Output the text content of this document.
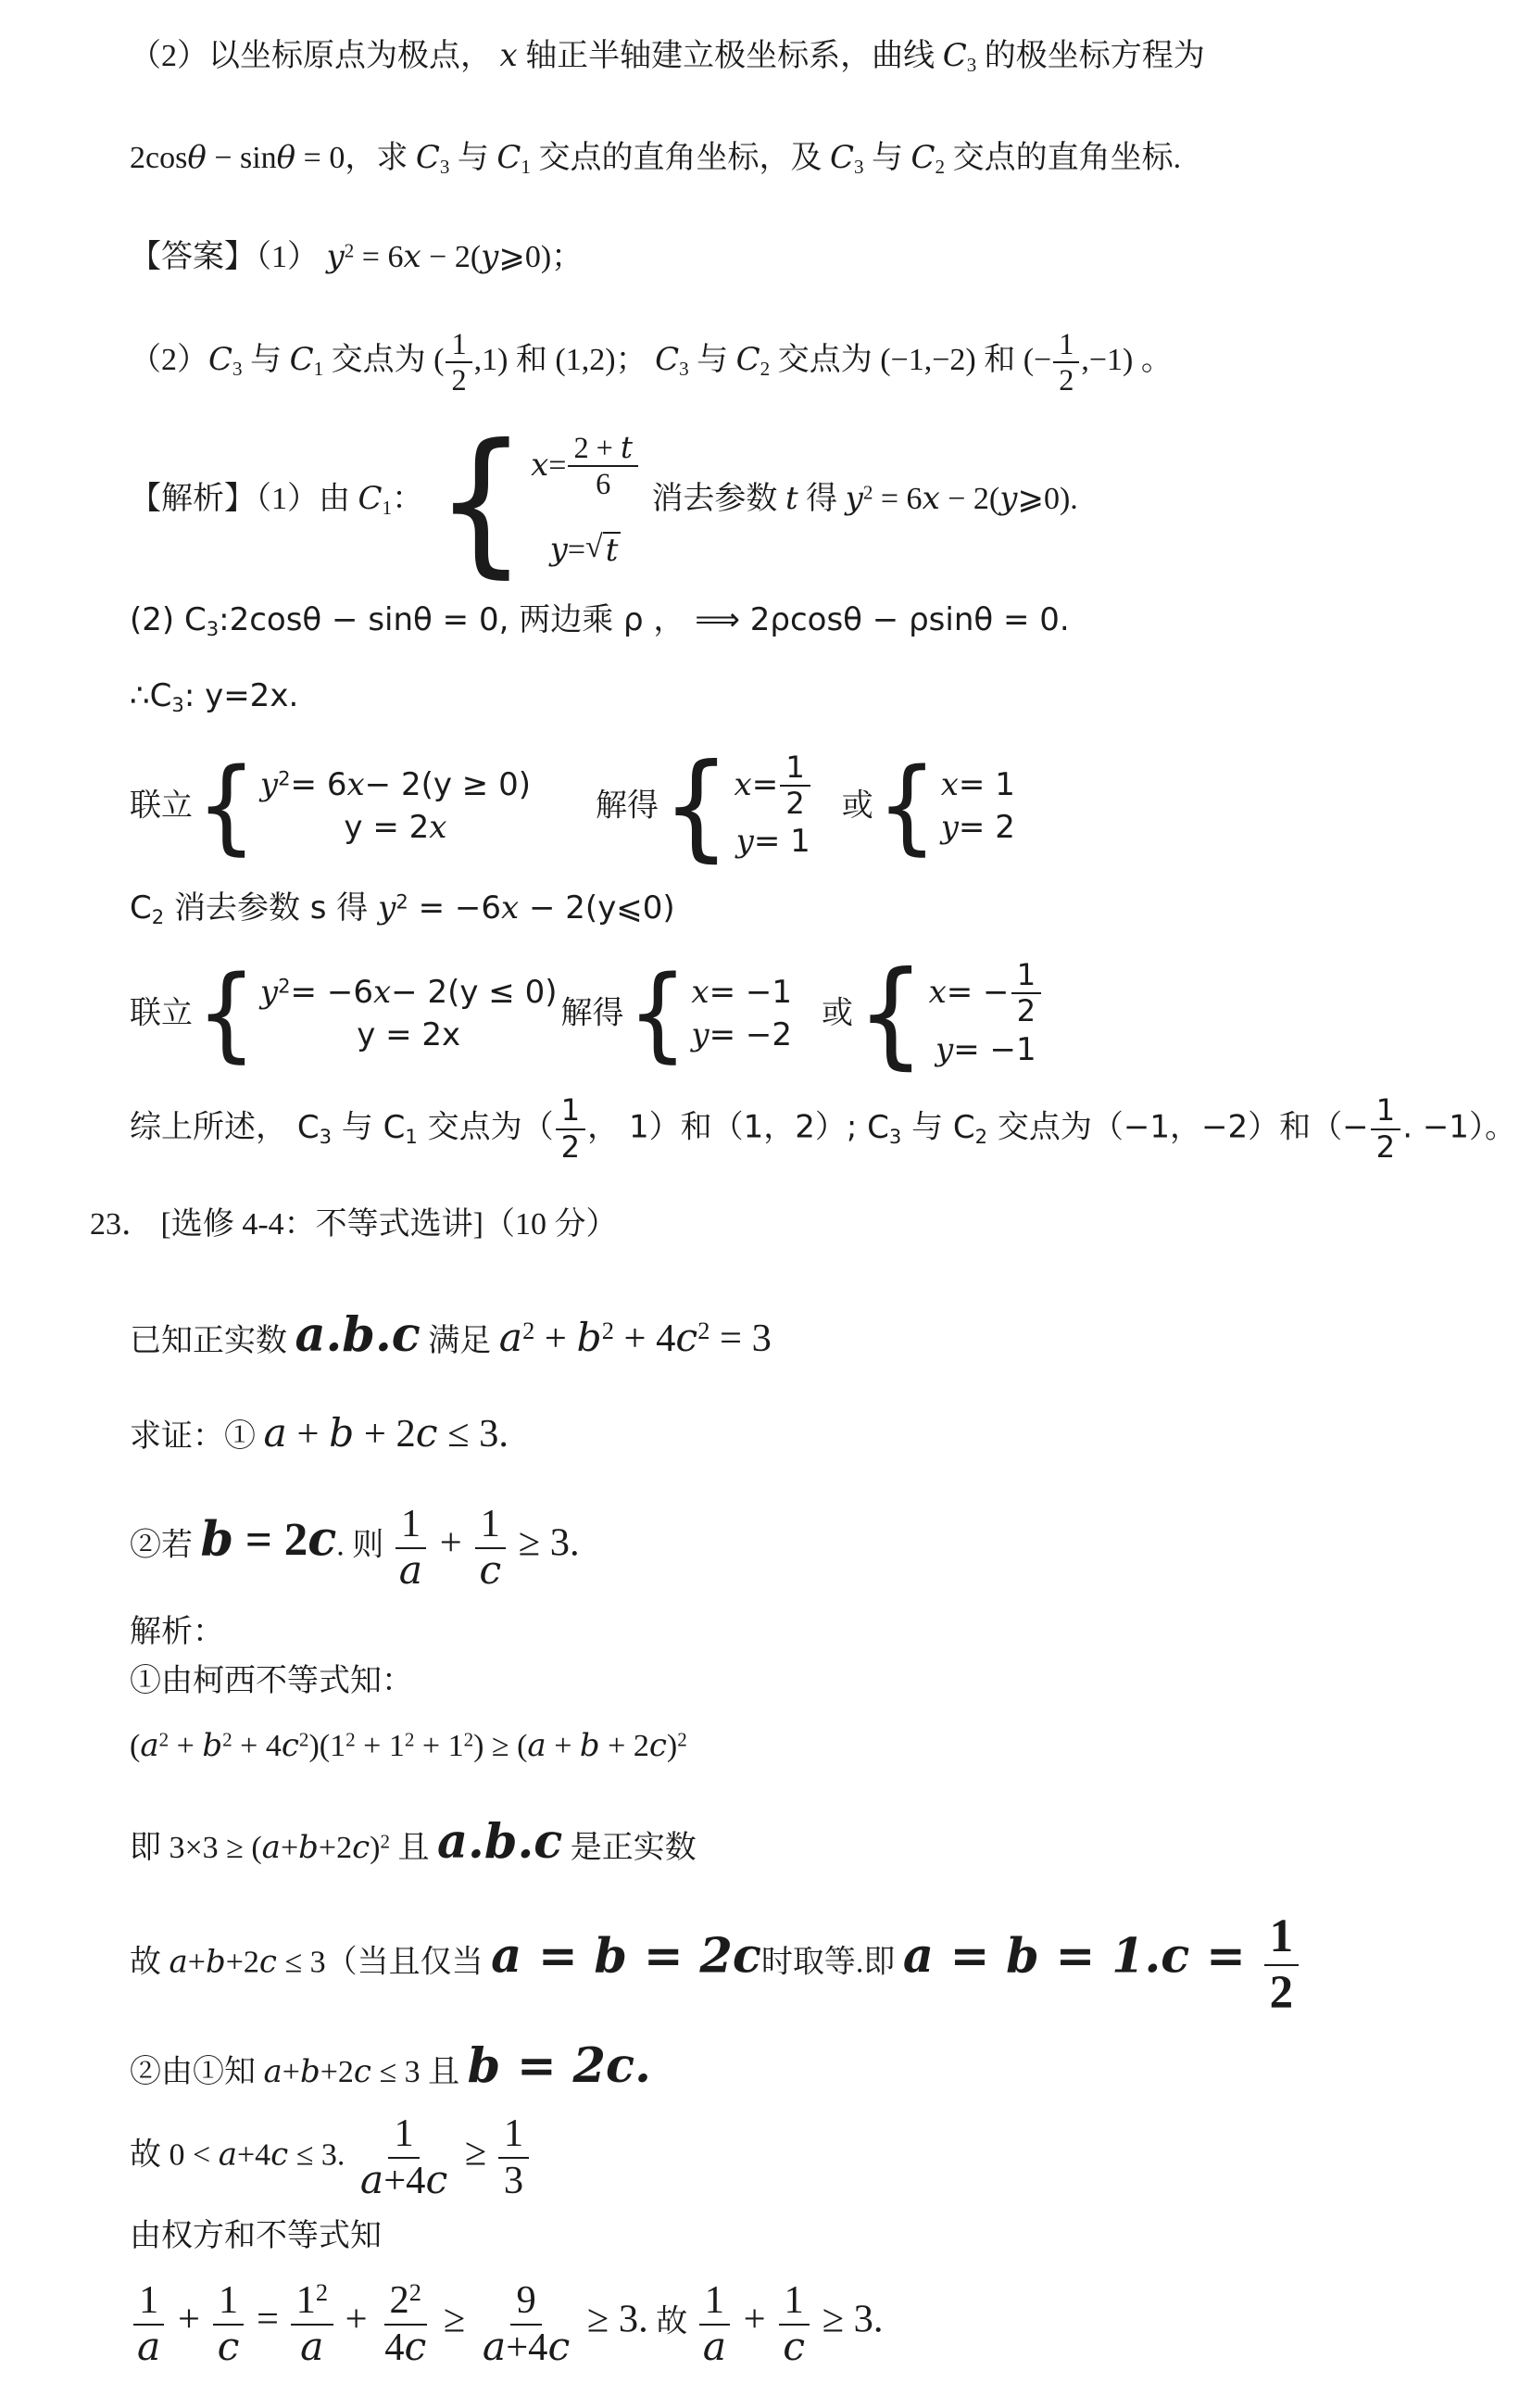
（2）以坐标原点为极点， x 轴正半轴建立极坐标系，曲线 $C_3$ 的极坐标方程为
2cosθ − sinθ = 0，求 $C_3$ 与 $C_1$ 交点的直角坐标，及 $C_3$ 与 $C_2$ 交点的直角坐标.
【答案】（1） $y^2 = 6x$ − 2(y⩾0)；
$(2)C_3$ 与 $C_1$ 交点为 ( $\frac{1}{2} ,1$) 和 (1,2)； $C_3$ 与 $C_2$ 交点为 (−1,−2) 和 (− $\frac{1}{2} ,-1$) 。
【解析】（1）由 $C_1$： { $x = \frac{2 + t}{6}$
y = √ t
消去参数 t 得 $y^2 = 6x$ − 2(y⩾0).
(2) $C_3:2\cos\theta - \sin\theta = 0$, 两边乘 ρ ， ⟹ 2ρcosθ − ρsinθ = 0.
$\therefore C_3$: y=2x.
联立 { $y^2 = 6$ x − 2(y ≥ 0)
y = 2 x
解得 { $x = \frac{1}{2}$
y = 1
或 { x = 1
y = 2
$C_2$ 消去参数 s 得 $y^2 = -6x$ − 2(y⩽0)
联立 { $y^2 = -6$ x − 2(y ≤ 0)
y = 2x
解得 { x = −1
y = −2
或 { x = − $\frac{1}{2}$
y = −1
综上所述， $C_3$ 与 $C_1$ 交点为（ $\frac{1}{2}$ ， 1）和（1，2）; $C_3$ 与 $C_2$ 交点为（−1，−2）和（− $\frac{1}{2}$ . −1）。
23． [选修 4-4：不等式选讲]（10 分）
已知正实数 a.b.c 满足 $a^2 + b^2 + 4c^2 = 3$
求证：① a + b + 2c ≤ 3.
②若 b = 2c. 则 $\frac{1}{a} + \frac{1}{c} \ge 3$.
解析：
①由柯西不等式知：
$(a^2 + b^2 + 4c^2)(1^2 + 1^2 + 1^2) \ge (a + b + 2c)^2$
即 $3\times 3 \ge (a+b+2c)^2$ 且 a.b.c 是正实数
故 a+b+2c ≤ 3（当且仅当 a = b = 2c时取等.即 $a = b = 1.c = \frac{1}{2}$
②由①知 a+b+2c ≤ 3 且 b = 2c.
故 0 < a+4c ≤ 3. $\frac{1}{a+4c} \ge \frac{1}{3}$
由权方和不等式知
$\frac{1}{a} + \frac{1}{c} = \frac{1^2}{a} + \frac{2^2}{4c} \ge \frac{9}{a+4c} \ge 3$. 故 $\frac{1}{a} + \frac{1}{c} \ge 3$.
